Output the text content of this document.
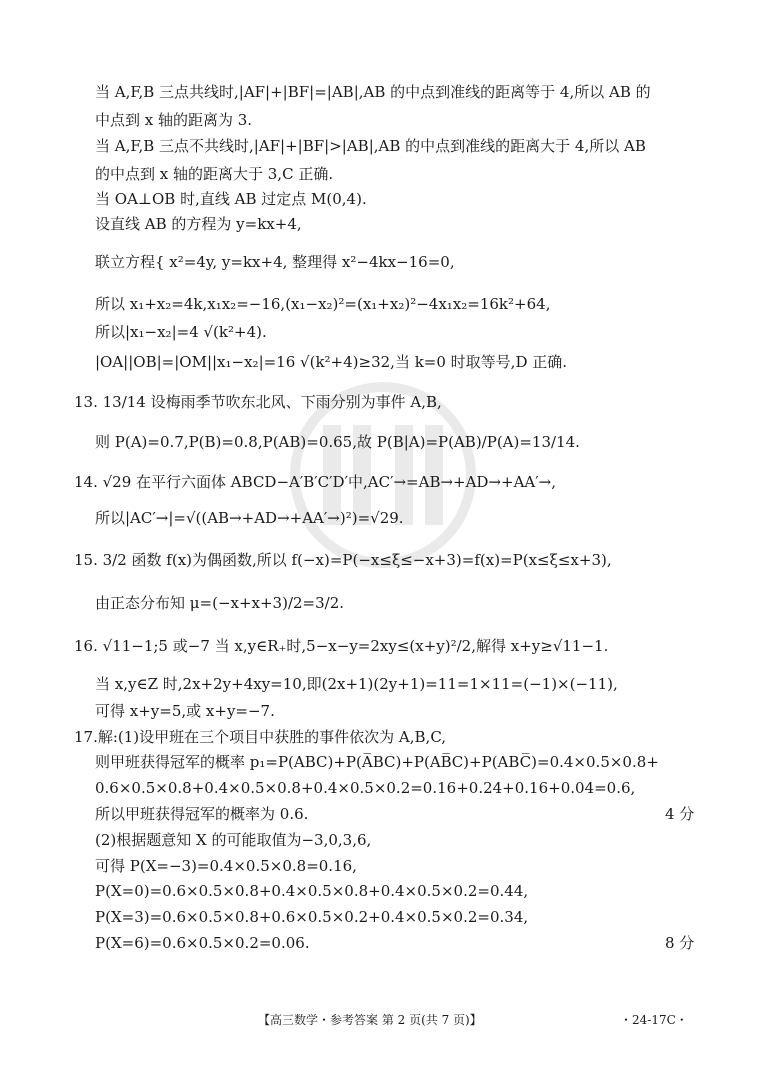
当 A,F,B 三点共线时,|AF|+|BF|=|AB|,AB 的中点到准线的距离等于 4,所以 AB 的
中点到 x 轴的距离为 3.
当 A,F,B 三点不共线时,|AF|+|BF|>|AB|,AB 的中点到准线的距离大于 4,所以 AB
的中点到 x 轴的距离大于 3,C 正确.
当 OA⊥OB 时,直线 AB 过定点 M(0,4).
设直线 AB 的方程为 y=kx+4,
联立方程{ x²=4y, y=kx+4, 整理得 x²−4kx−16=0,
所以 x₁+x₂=4k,x₁x₂=−16,(x₁−x₂)²=(x₁+x₂)²−4x₁x₂=16k²+64,
所以|x₁−x₂|=4 √(k²+4).
|OA||OB|=|OM||x₁−x₂|=16 √(k²+4)≥32,当 k=0 时取等号,D 正确.
13. 13/14 设梅雨季节吹东北风、下雨分别为事件 A,B,
则 P(A)=0.7,P(B)=0.8,P(AB)=0.65,故 P(B|A)=P(AB)/P(A)=13/14.
14. √29 在平行六面体 ABCD−A′B′C′D′中,AC′→=AB→+AD→+AA′→,
所以|AC′→|=√((AB→+AD→+AA′→)²)=√29.
15. 3/2 函数 f(x)为偶函数,所以 f(−x)=P(−x≤ξ≤−x+3)=f(x)=P(x≤ξ≤x+3),
由正态分布知 μ=(−x+x+3)/2=3/2.
16. √11−1;5 或−7 当 x,y∈R₊时,5−x−y=2xy≤(x+y)²/2,解得 x+y≥√11−1.
当 x,y∈Z 时,2x+2y+4xy=10,即(2x+1)(2y+1)=11=1×11=(−1)×(−11),
可得 x+y=5,或 x+y=−7.
17.解:(1)设甲班在三个项目中获胜的事件依次为 A,B,C,
则甲班获得冠军的概率 p₁=P(ABC)+P(A̅BC)+P(AB̅C)+P(ABC̅)=0.4×0.5×0.8+
0.6×0.5×0.8+0.4×0.5×0.8+0.4×0.5×0.2=0.16+0.24+0.16+0.04=0.6,
所以甲班获得冠军的概率为 0.6.
(2)根据题意知 X 的可能取值为−3,0,3,6,
可得 P(X=−3)=0.4×0.5×0.8=0.16,
P(X=0)=0.6×0.5×0.8+0.4×0.5×0.8+0.4×0.5×0.2=0.44,
P(X=3)=0.6×0.5×0.8+0.6×0.5×0.2+0.4×0.5×0.2=0.34,
P(X=6)=0.6×0.5×0.2=0.06.
4 分
8 分
【高三数学・参考答案 第 2 页(共 7 页)】	・24-17C・
